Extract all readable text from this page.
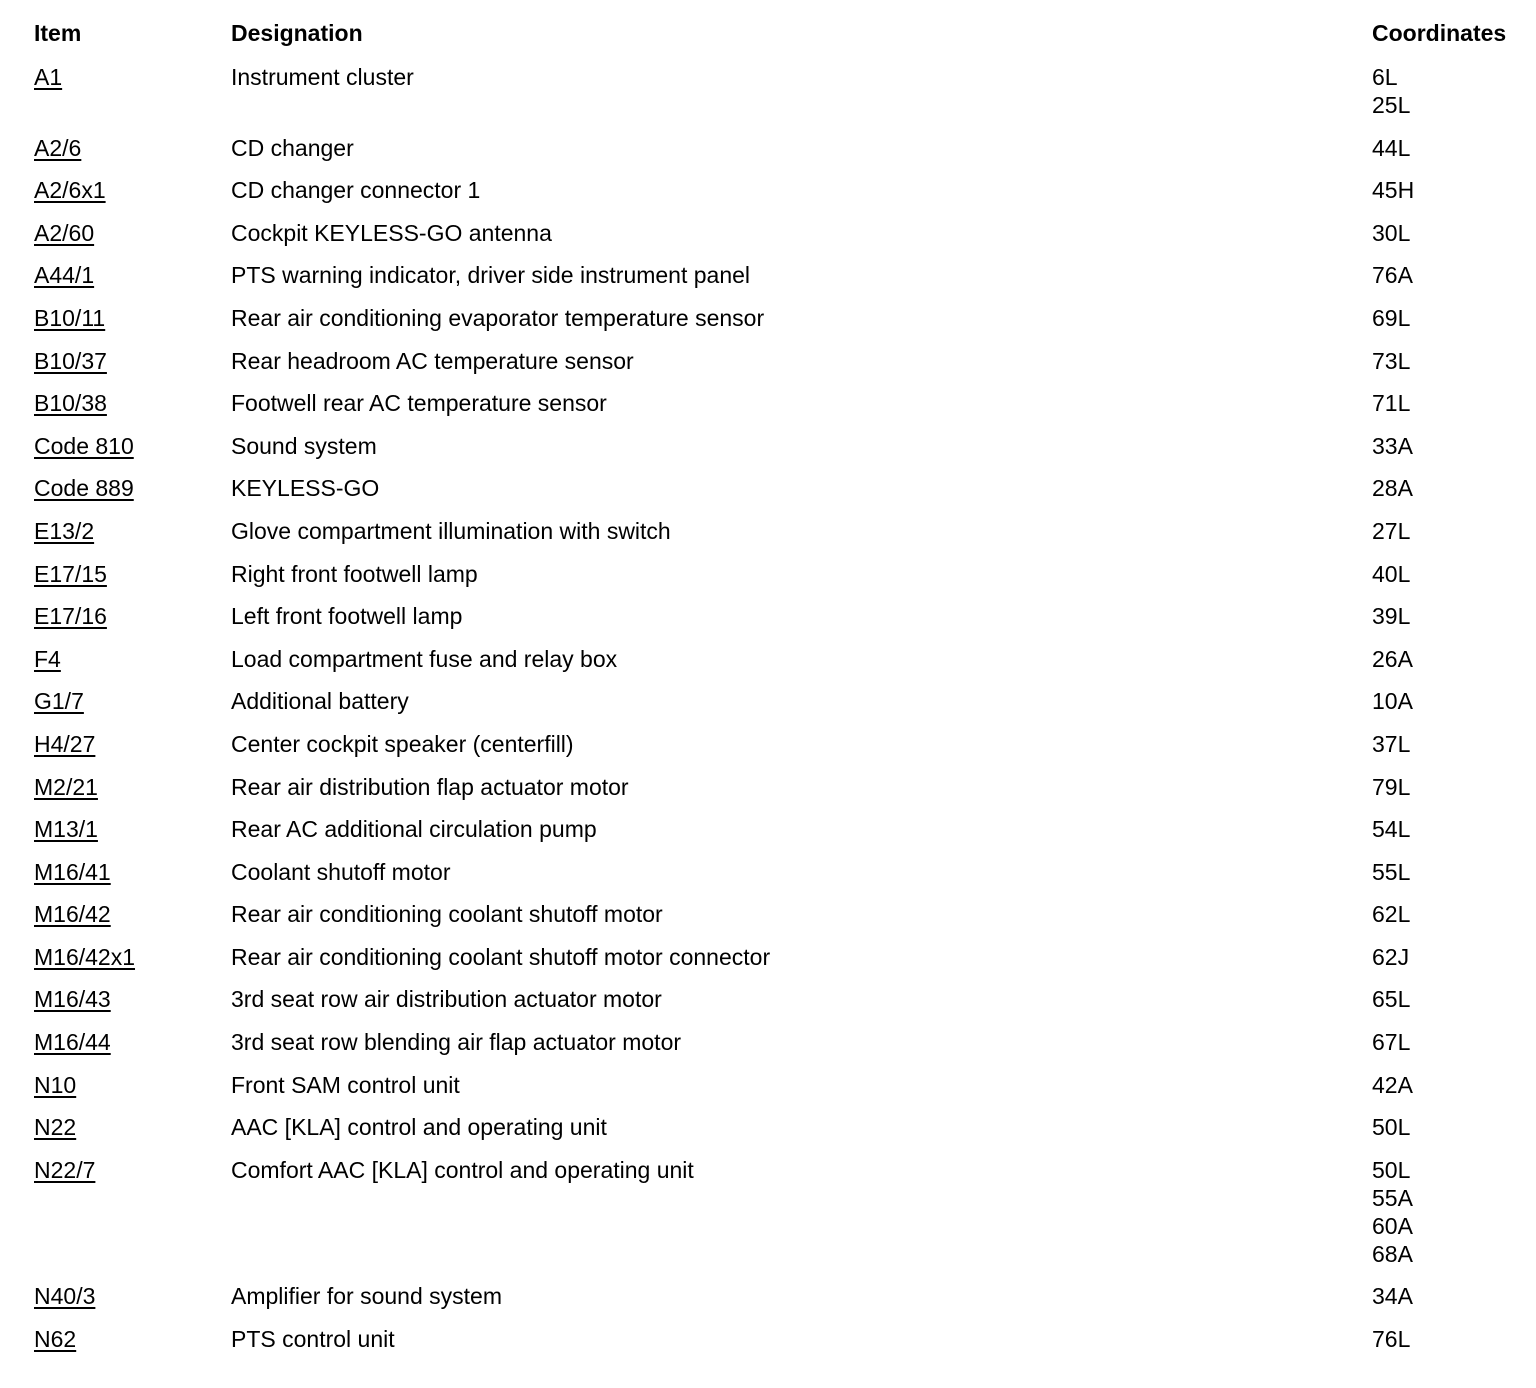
Item	Designation	Coordinates
A1	Instrument cluster	6L
25L
A2/6	CD changer	44L
A2/6x1	CD changer connector 1	45H
A2/60	Cockpit KEYLESS-GO antenna	30L
A44/1	PTS warning indicator, driver side instrument panel	76A
B10/11	Rear air conditioning evaporator temperature sensor	69L
B10/37	Rear headroom AC temperature sensor	73L
B10/38	Footwell rear AC temperature sensor	71L
Code 810	Sound system	33A
Code 889	KEYLESS-GO	28A
E13/2	Glove compartment illumination with switch	27L
E17/15	Right front footwell lamp	40L
E17/16	Left front footwell lamp	39L
F4	Load compartment fuse and relay box	26A
G1/7	Additional battery	10A
H4/27	Center cockpit speaker (centerfill)	37L
M2/21	Rear air distribution flap actuator motor	79L
M13/1	Rear AC additional circulation pump	54L
M16/41	Coolant shutoff motor	55L
M16/42	Rear air conditioning coolant shutoff motor	62L
M16/42x1	Rear air conditioning coolant shutoff motor connector	62J
M16/43	3rd seat row air distribution actuator motor	65L
M16/44	3rd seat row blending air flap actuator motor	67L
N10	Front SAM control unit	42A
N22	AAC [KLA] control and operating unit	50L
N22/7	Comfort AAC [KLA] control and operating unit	50L
55A
60A
68A
N40/3	Amplifier for sound system	34A
N62	PTS control unit	76L
